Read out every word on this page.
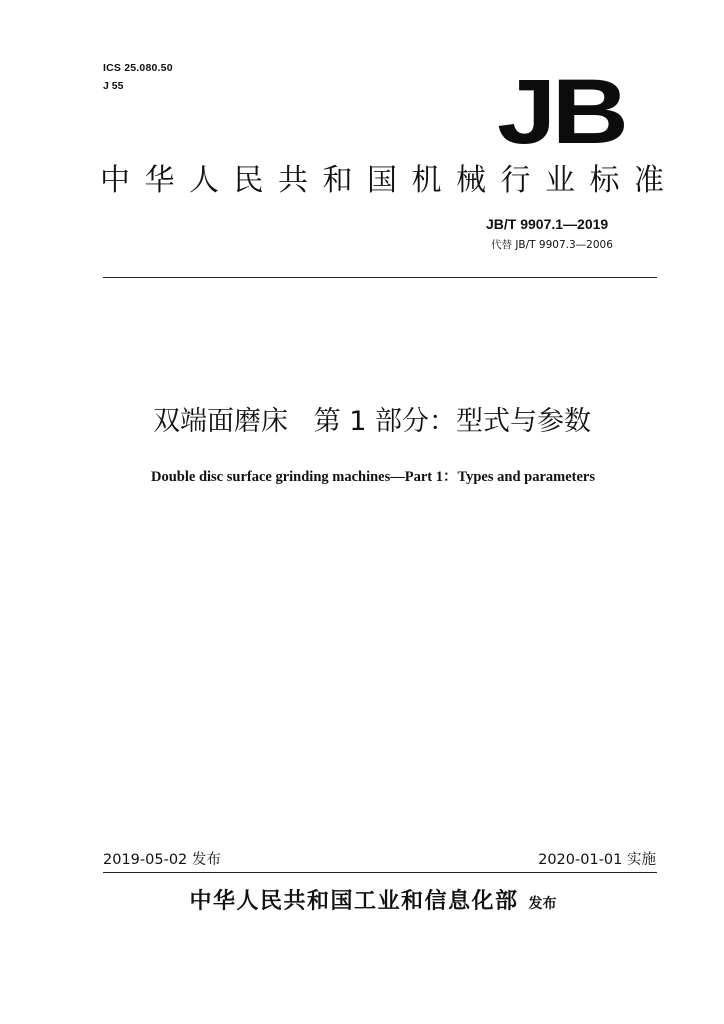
ICS 25.080.50
J 55	JB
中华人民共和国机械行业标准
JB/T 9907.1—2019
代替 JB/T 9907.3—2006
双端面磨床   第 1 部分：型式与参数
Double disc surface grinding machines—Part 1：Types and parameters
2019-05-02 发布	2020-01-01 实施
中华人民共和国工业和信息化部 发布
